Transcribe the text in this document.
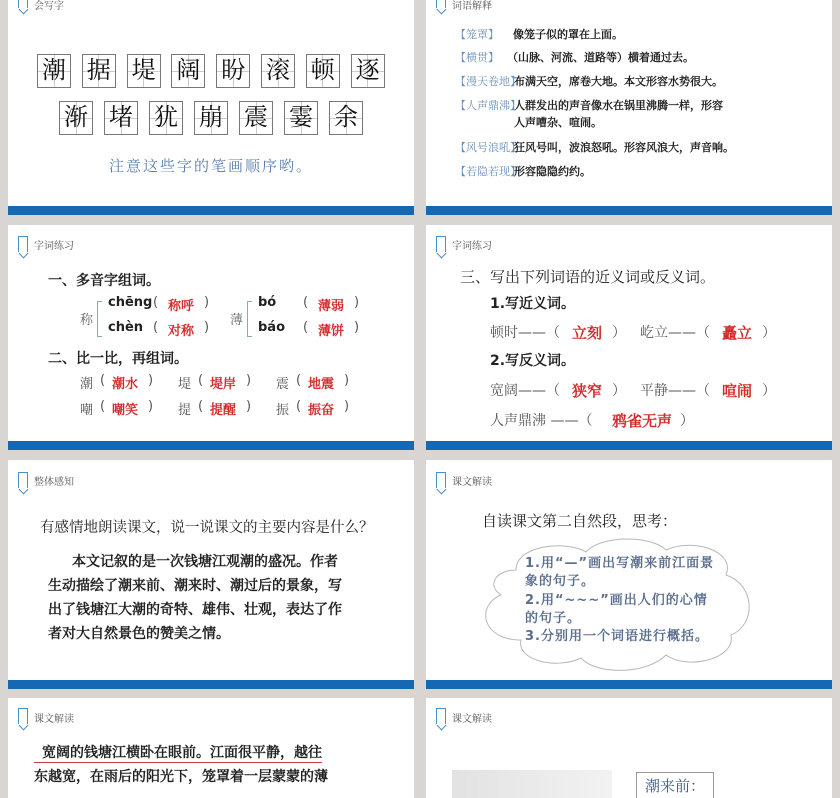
会写字
潮 据 堤 阔 盼 滚 顿 逐
渐 堵 犹 崩 震 霎 余
注意这些字的笔画顺序哟。
词语解释
【笼罩】 像笼子似的罩在上面。
【横贯】 （山脉、河流、道路等）横着通过去。
【漫天卷地】
布满天空，席卷大地。本文形容水势很大。
【人声鼎沸】
人群发出的声音像水在锅里沸腾一样，形容
人声嘈杂、喧闹。
【风号浪吼】
狂风号叫，波浪怒吼。形容风浪大，声音响。
【若隐若现】
形容隐隐约约。
字词练习
一、多音字组词。
称
chēng ( 称呼 )
chèn ( 对称 ) 薄
bó ( 薄弱 )
báo ( 薄饼 )
二、比一比，再组词。
潮 ( 潮水 ) 堤 ( 堤岸 ) 震 ( 地震 )
嘲 ( 嘲笑 ) 提 ( 提醒 ) 振 ( 振奋 )
字词练习
三、写出下列词语的近义词或反义词。
1.写近义词。
2.写反义词。
顿时——（ 立刻 ） 屹立——（ 矗立 ）
宽阔——（ 狭窄 ） 平静——（ 喧闹 ）
人声鼎沸 ——（ 鸦雀无声 ）
整体感知
有感情地朗读课文，说一说课文的主要内容是什么？
本文记叙的是一次钱塘江观潮的盛况。作者
生动描绘了潮来前、潮来时、潮过后的景象，写
出了钱塘江大潮的奇特、雄伟、壮观，表达了作
者对大自然景色的赞美之情。
课文解读
自读课文第二自然段，思考：
1.用“—”画出写潮来前江面景
象的句子。
2.用“~~~”画出人们的心情
的句子。
3.分别用一个词语进行概括。
课文解读
宽阔的钱塘江横卧在眼前。江面很平静，越往
东越宽，在雨后的阳光下，笼罩着一层蒙蒙的薄
课文解读
潮来前：
